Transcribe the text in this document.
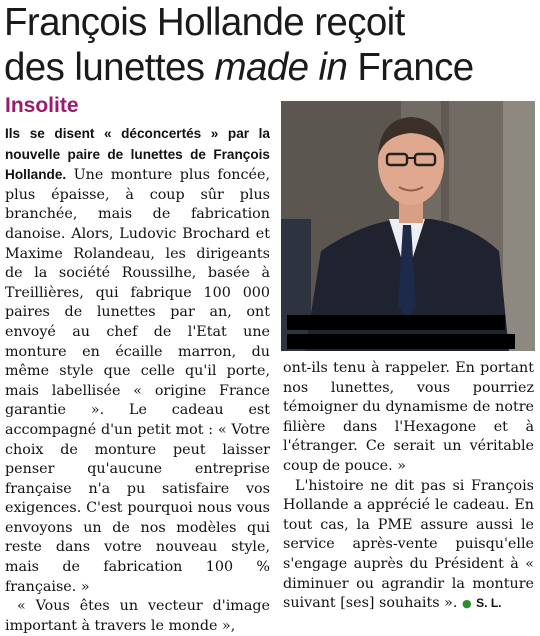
François Hollande reçoit
des lunettes made in France
Insolite

Ils se disent « déconcertés » par la nouvelle paire de lunettes de François Hollande. Une monture plus foncée, plus épaisse, à coup sûr plus branchée, mais de fabrication danoise. Alors, Ludovic Brochard et Maxime Rolandeau, les dirigeants de la société Roussilhe, basée à Treillières, qui fabrique 100 000 paires de lunettes par an, ont envoyé au chef de l'Etat une monture en écaille marron, du même style que celle qu'il porte, mais labellisée « origine France garantie ». Le cadeau est accompagné d'un petit mot : « Votre choix de monture peut laisser penser qu'aucune entreprise française n'a pu satisfaire vos exigences. C'est pourquoi nous vous envoyons un de nos modèles qui reste dans votre nouveau style, mais de fabrication 100 % française. »

« Vous êtes un vecteur d'image important à travers le monde »,

ont-ils tenu à rappeler. En portant nos lunettes, vous pourriez témoigner du dynamisme de notre filière dans l'Hexagone et à l'étranger. Ce serait un véritable coup de pouce. »

L'histoire ne dit pas si François Hollande a apprécié le cadeau. En tout cas, la PME assure aussi le service après-vente puisqu'elle s'engage auprès du Président à « diminuer ou agrandir la monture suivant [ses] souhaits ». ● S. L.
